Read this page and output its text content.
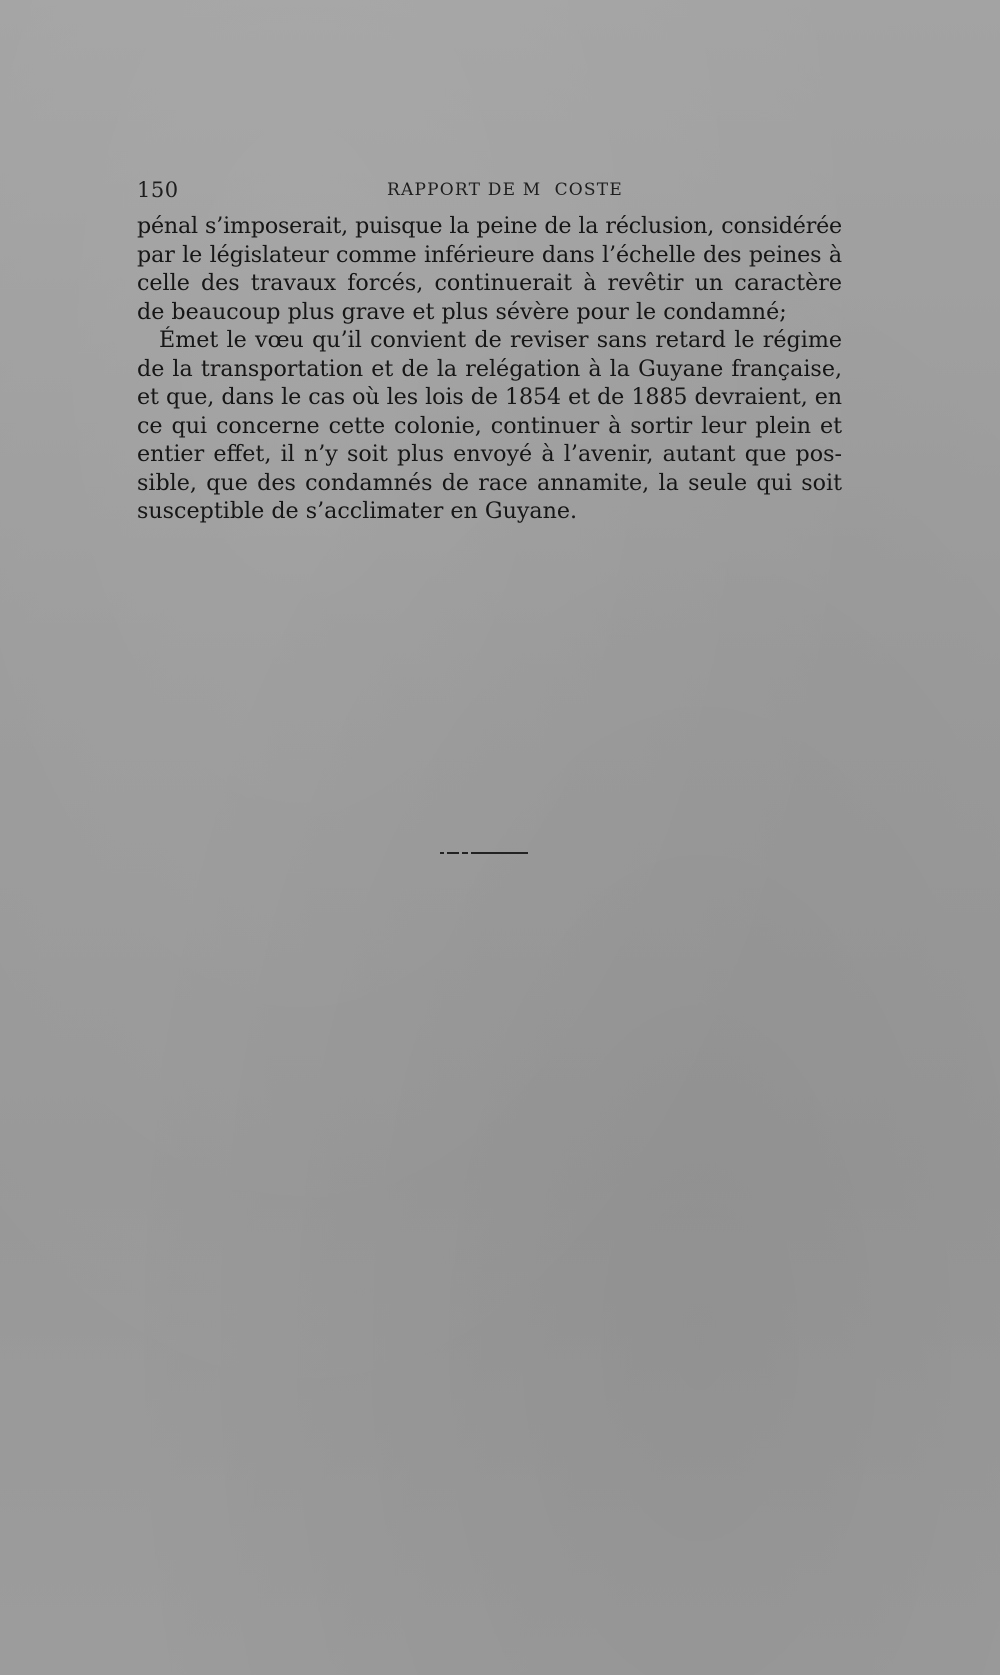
150	RAPPORT DE M  COSTE
pénal s’imposerait, puisque la peine de la réclusion, considérée
par le législateur comme inférieure dans l’échelle des peines à
celle des travaux forcés, continuerait à revêtir un caractère
de beaucoup plus grave et plus sévère pour le condamné;
Émet le vœu qu’il convient de reviser sans retard le régime
de la transportation et de la relégation à la Guyane française,
et que, dans le cas où les lois de 1854 et de 1885 devraient, en
ce qui concerne cette colonie, continuer à sortir leur plein et
entier effet, il n’y soit plus envoyé à l’avenir, autant que pos-
sible, que des condamnés de race annamite, la seule qui soit
susceptible de s’acclimater en Guyane.
